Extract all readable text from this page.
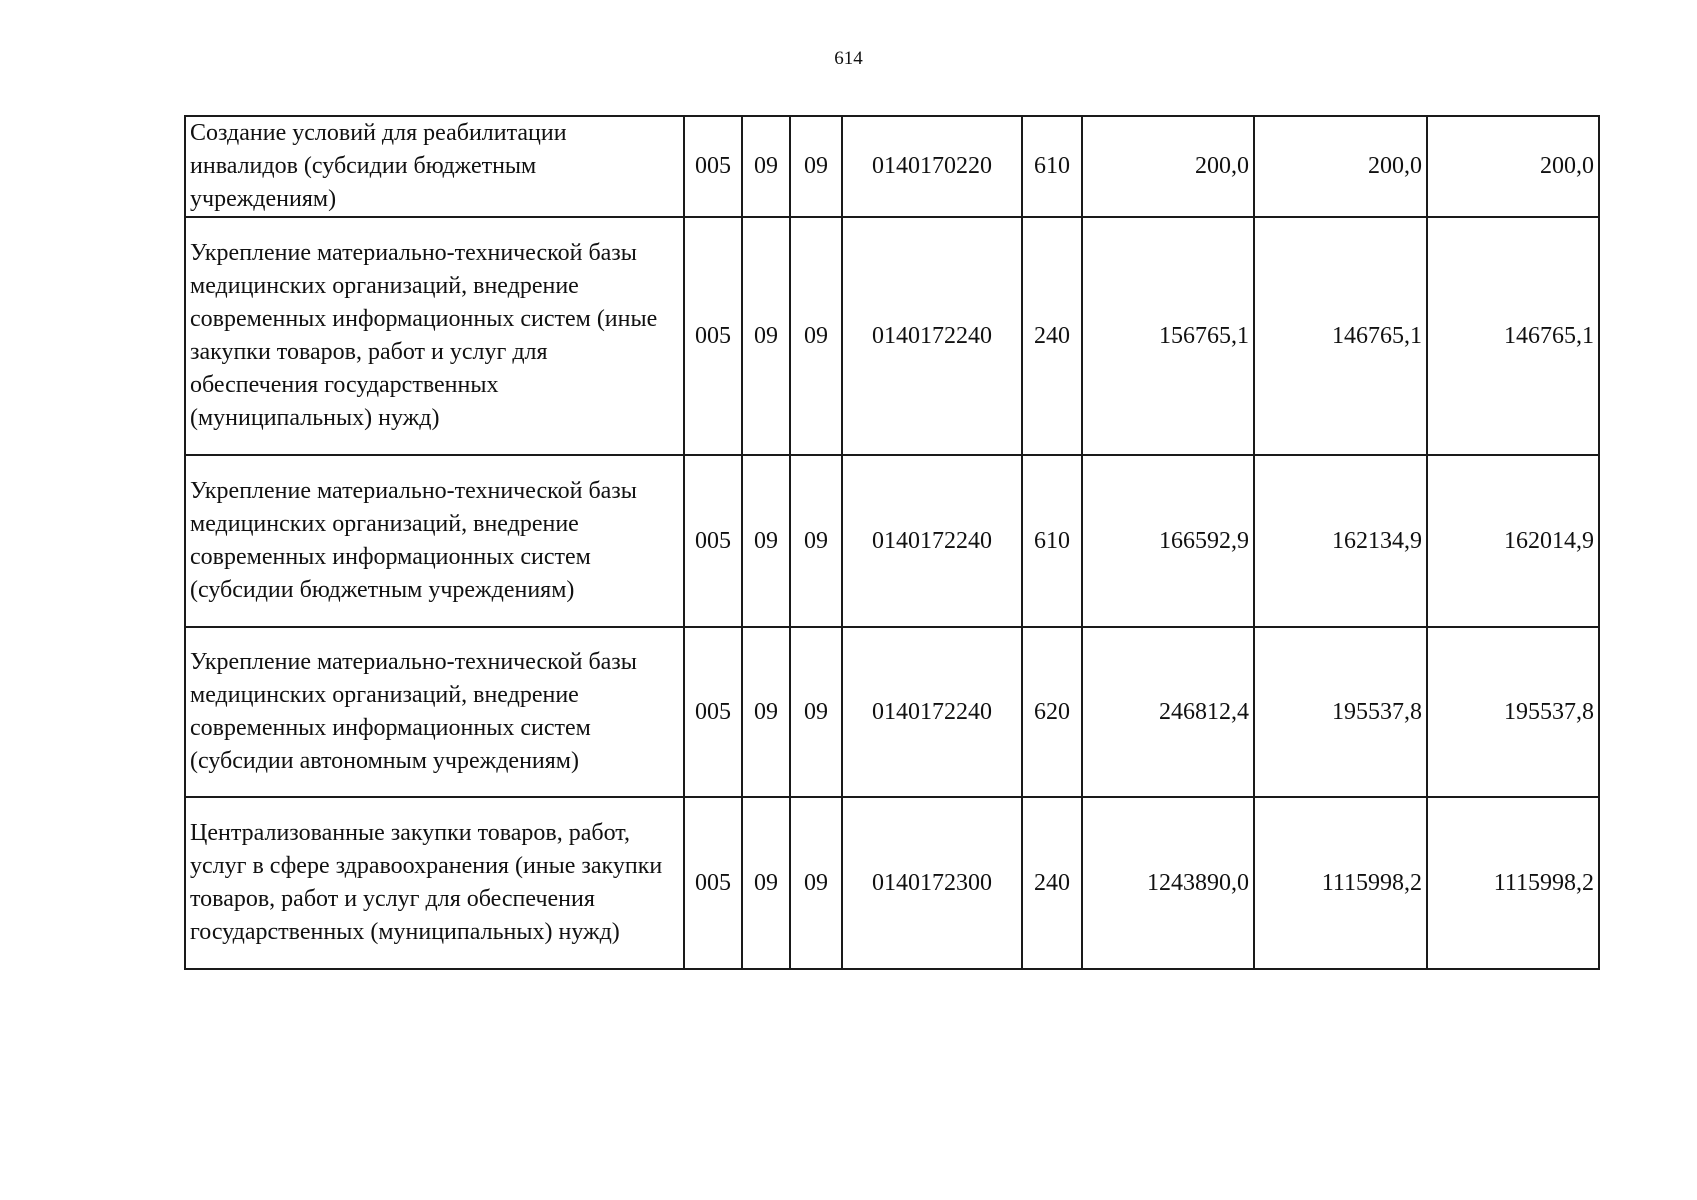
614
Создание условий для реабилитации инвалидов (субсидии бюджетным учреждениям)	005	09	09	0140170220	610	200,0	200,0	200,0
Укрепление материально-технической базы медицинских организаций, внедрение современных информационных систем (иные закупки товаров, работ и услуг для обеспечения государственных (муниципальных) нужд)	005	09	09	0140172240	240	156765,1	146765,1	146765,1
Укрепление материально-технической базы медицинских организаций, внедрение современных информационных систем (субсидии бюджетным учреждениям)	005	09	09	0140172240	610	166592,9	162134,9	162014,9
Укрепление материально-технической базы медицинских организаций, внедрение современных информационных систем (субсидии автономным учреждениям)	005	09	09	0140172240	620	246812,4	195537,8	195537,8
Централизованные закупки товаров, работ, услуг в сфере здравоохранения (иные закупки товаров, работ и услуг для обеспечения государственных (муниципальных) нужд)	005	09	09	0140172300	240	1243890,0	1115998,2	1115998,2
